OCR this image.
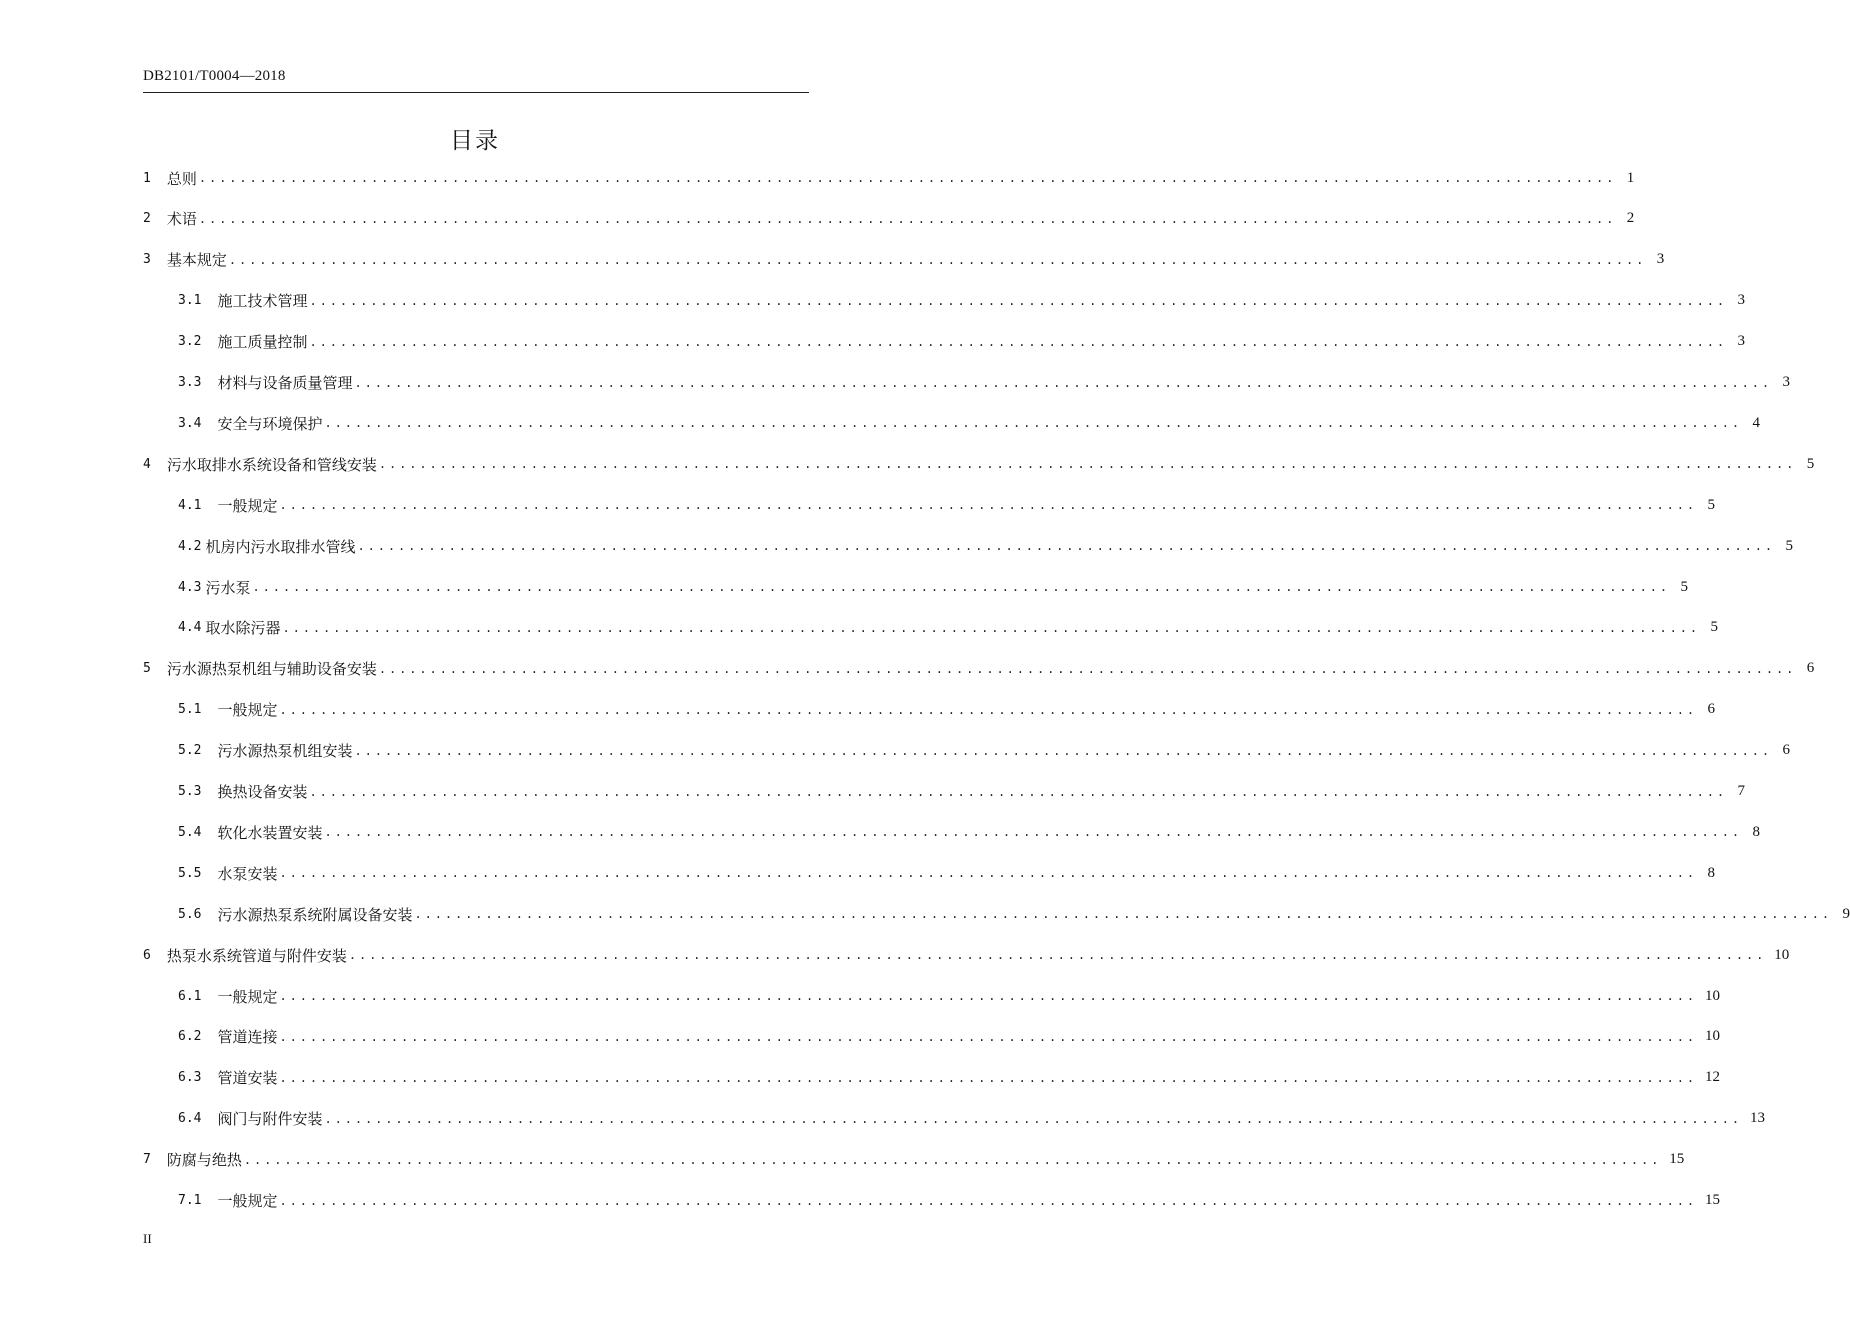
DB2101/T0004—2018
目录
1 总则 ............................................................................................................................................ 1
2 术语 ............................................................................................................................................ 2
3 基本规定 ............................................................................................................................................ 3
3.1 施工技术管理 ............................................................................................................................................ 3
3.2 施工质量控制 ............................................................................................................................................ 3
3.3 材料与设备质量管理 ............................................................................................................................................ 3
3.4 安全与环境保护 ............................................................................................................................................ 4
4 污水取排水系统设备和管线安装 ............................................................................................................................................ 5
4.1 一般规定 ............................................................................................................................................ 5
4.2 机房内污水取排水管线 ............................................................................................................................................ 5
4.3 污水泵 ............................................................................................................................................ 5
4.4 取水除污器 ............................................................................................................................................ 5
5 污水源热泵机组与辅助设备安装 ............................................................................................................................................ 6
5.1 一般规定 ............................................................................................................................................ 6
5.2 污水源热泵机组安装 ............................................................................................................................................ 6
5.3 换热设备安装 ............................................................................................................................................ 7
5.4 软化水装置安装 ............................................................................................................................................ 8
5.5 水泵安装 ............................................................................................................................................ 8
5.6 污水源热泵系统附属设备安装 ............................................................................................................................................ 9
6 热泵水系统管道与附件安装 ............................................................................................................................................ 10
6.1 一般规定 ............................................................................................................................................ 10
6.2 管道连接 ............................................................................................................................................ 10
6.3 管道安装 ............................................................................................................................................ 12
6.4 阀门与附件安装 ............................................................................................................................................ 13
7 防腐与绝热 ............................................................................................................................................ 15
7.1 一般规定 ............................................................................................................................................ 15
II
